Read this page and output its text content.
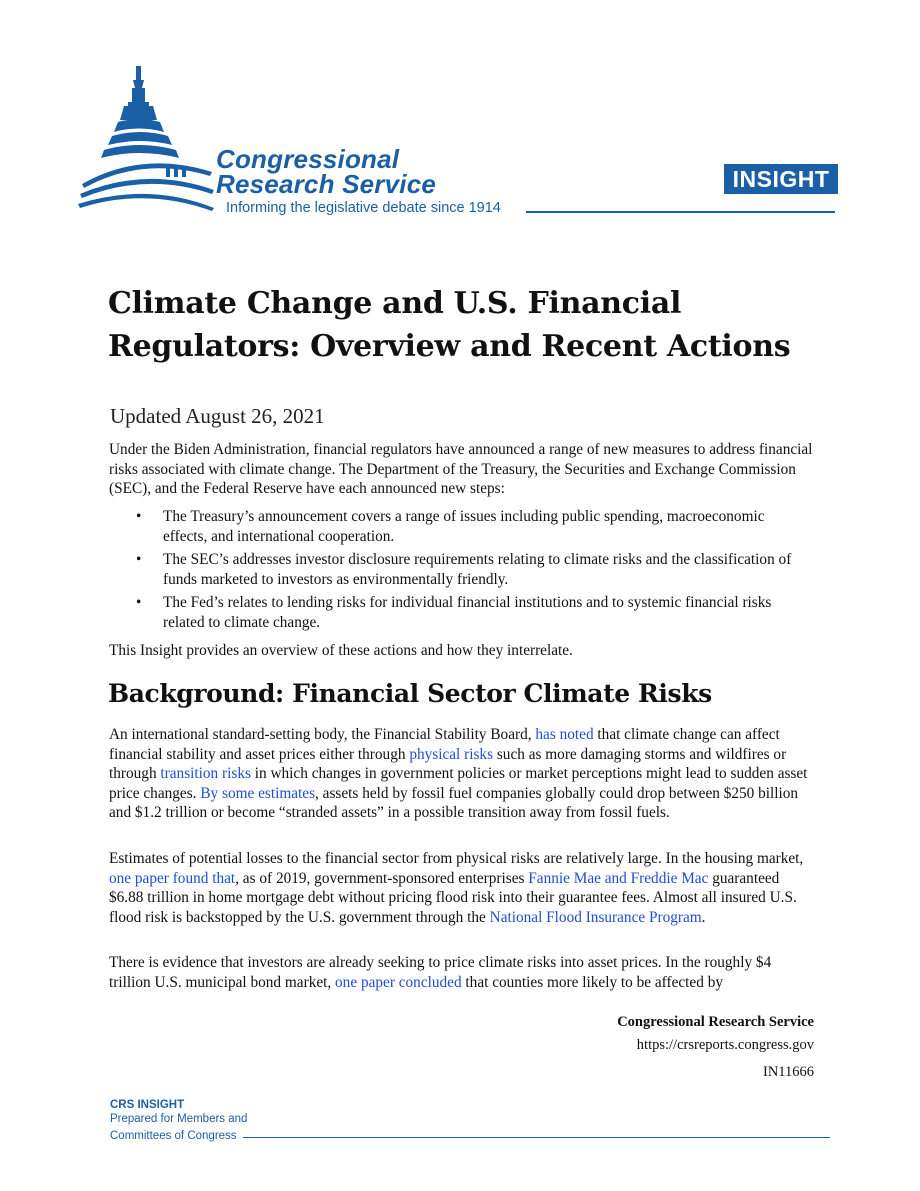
Congressional
Research Service
Informing the legislative debate since 1914
INSIGHT
Climate Change and U.S. Financial Regulators: Overview and Recent Actions
Updated August 26, 2021
Under the Biden Administration, financial regulators have announced a range of new measures to address financial risks associated with climate change. The Department of the Treasury, the Securities and Exchange Commission (SEC), and the Federal Reserve have each announced new steps:
• The Treasury’s announcement covers a range of issues including public spending, macroeconomic effects, and international cooperation.
• The SEC’s addresses investor disclosure requirements relating to climate risks and the classification of funds marketed to investors as environmentally friendly.
• The Fed’s relates to lending risks for individual financial institutions and to systemic financial risks related to climate change.
This Insight provides an overview of these actions and how they interrelate.
Background: Financial Sector Climate Risks
An international standard-setting body, the Financial Stability Board, has noted that climate change can affect financial stability and asset prices either through physical risks such as more damaging storms and wildfires or through transition risks in which changes in government policies or market perceptions might lead to sudden asset price changes. By some estimates, assets held by fossil fuel companies globally could drop between $250 billion and $1.2 trillion or become “stranded assets” in a possible transition away from fossil fuels.
Estimates of potential losses to the financial sector from physical risks are relatively large. In the housing market, one paper found that, as of 2019, government-sponsored enterprises Fannie Mae and Freddie Mac guaranteed $6.88 trillion in home mortgage debt without pricing flood risk into their guarantee fees. Almost all insured U.S. flood risk is backstopped by the U.S. government through the National Flood Insurance Program.
There is evidence that investors are already seeking to price climate risks into asset prices. In the roughly $4 trillion U.S. municipal bond market, one paper concluded that counties more likely to be affected by
Congressional Research Service
https://crsreports.congress.gov
IN11666
CRS INSIGHT
Prepared for Members and
Committees of Congress
